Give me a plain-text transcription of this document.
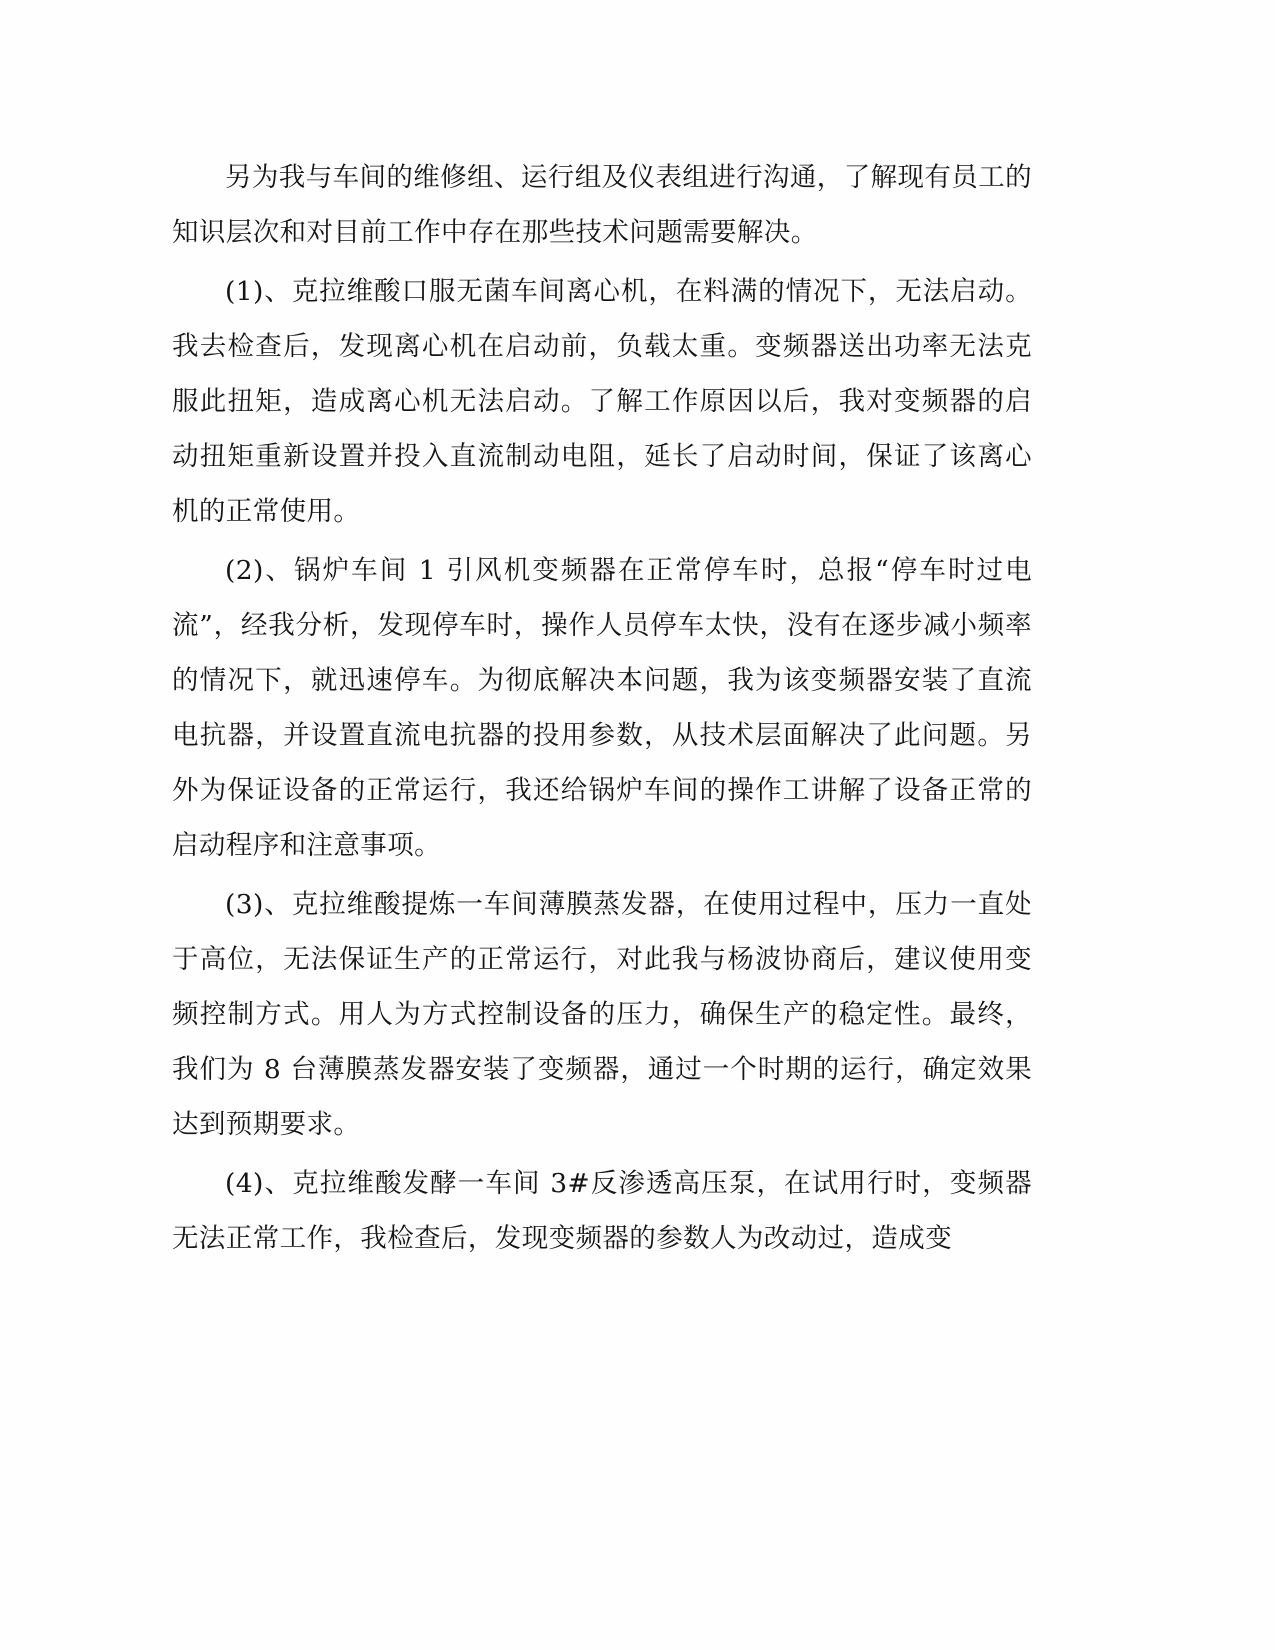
另为我与车间的维修组、运行组及仪表组进行沟通，了解现有员工的知识层次和对目前工作中存在那些技术问题需要解决。

(1)、克拉维酸口服无菌车间离心机，在料满的情况下，无法启动。我去检查后，发现离心机在启动前，负载太重。变频器送出功率无法克服此扭矩，造成离心机无法启动。了解工作原因以后，我对变频器的启动扭矩重新设置并投入直流制动电阻，延长了启动时间，保证了该离心机的正常使用。

(2)、锅炉车间 1 引风机变频器在正常停车时，总报“停车时过电流”，经我分析，发现停车时，操作人员停车太快，没有在逐步减小频率的情况下，就迅速停车。为彻底解决本问题，我为该变频器安装了直流电抗器，并设置直流电抗器的投用参数，从技术层面解决了此问题。另外为保证设备的正常运行，我还给锅炉车间的操作工讲解了设备正常的启动程序和注意事项。

(3)、克拉维酸提炼一车间薄膜蒸发器，在使用过程中，压力一直处于高位，无法保证生产的正常运行，对此我与杨波协商后，建议使用变频控制方式。用人为方式控制设备的压力，确保生产的稳定性。最终，我们为 8 台薄膜蒸发器安装了变频器，通过一个时期的运行，确定效果达到预期要求。

(4)、克拉维酸发酵一车间 3#反渗透高压泵，在试用行时，变频器无法正常工作，我检查后，发现变频器的参数人为改动过，造成变
